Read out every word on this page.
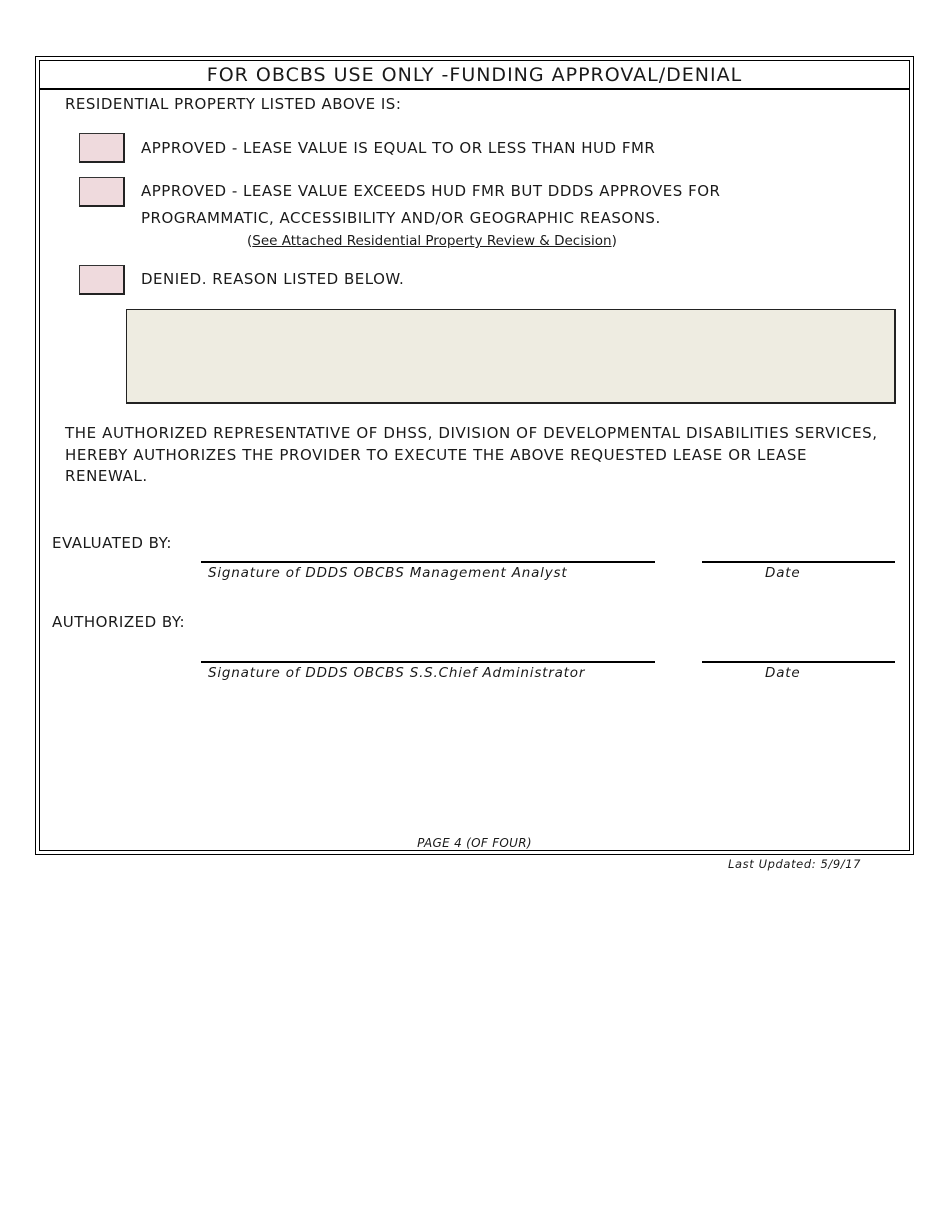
FOR OBCBS USE ONLY -FUNDING APPROVAL/DENIAL
RESIDENTIAL PROPERTY LISTED ABOVE IS:
APPROVED - LEASE VALUE IS EQUAL TO OR LESS THAN HUD FMR
APPROVED - LEASE VALUE EXCEEDS HUD FMR BUT DDDS APPROVES FOR
PROGRAMMATIC, ACCESSIBILITY AND/OR GEOGRAPHIC REASONS.
(See Attached Residential Property Review & Decision)
DENIED. REASON LISTED BELOW.
THE AUTHORIZED REPRESENTATIVE OF DHSS, DIVISION OF DEVELOPMENTAL DISABILITIES SERVICES, HEREBY AUTHORIZES THE PROVIDER TO EXECUTE THE ABOVE REQUESTED LEASE OR LEASE RENEWAL.
EVALUATED BY:
Signature of DDDS OBCBS Management Analyst	Date
AUTHORIZED BY:
Signature of DDDS OBCBS S.S.Chief Administrator	Date
PAGE 4 (OF FOUR)
Last Updated: 5/9/17
